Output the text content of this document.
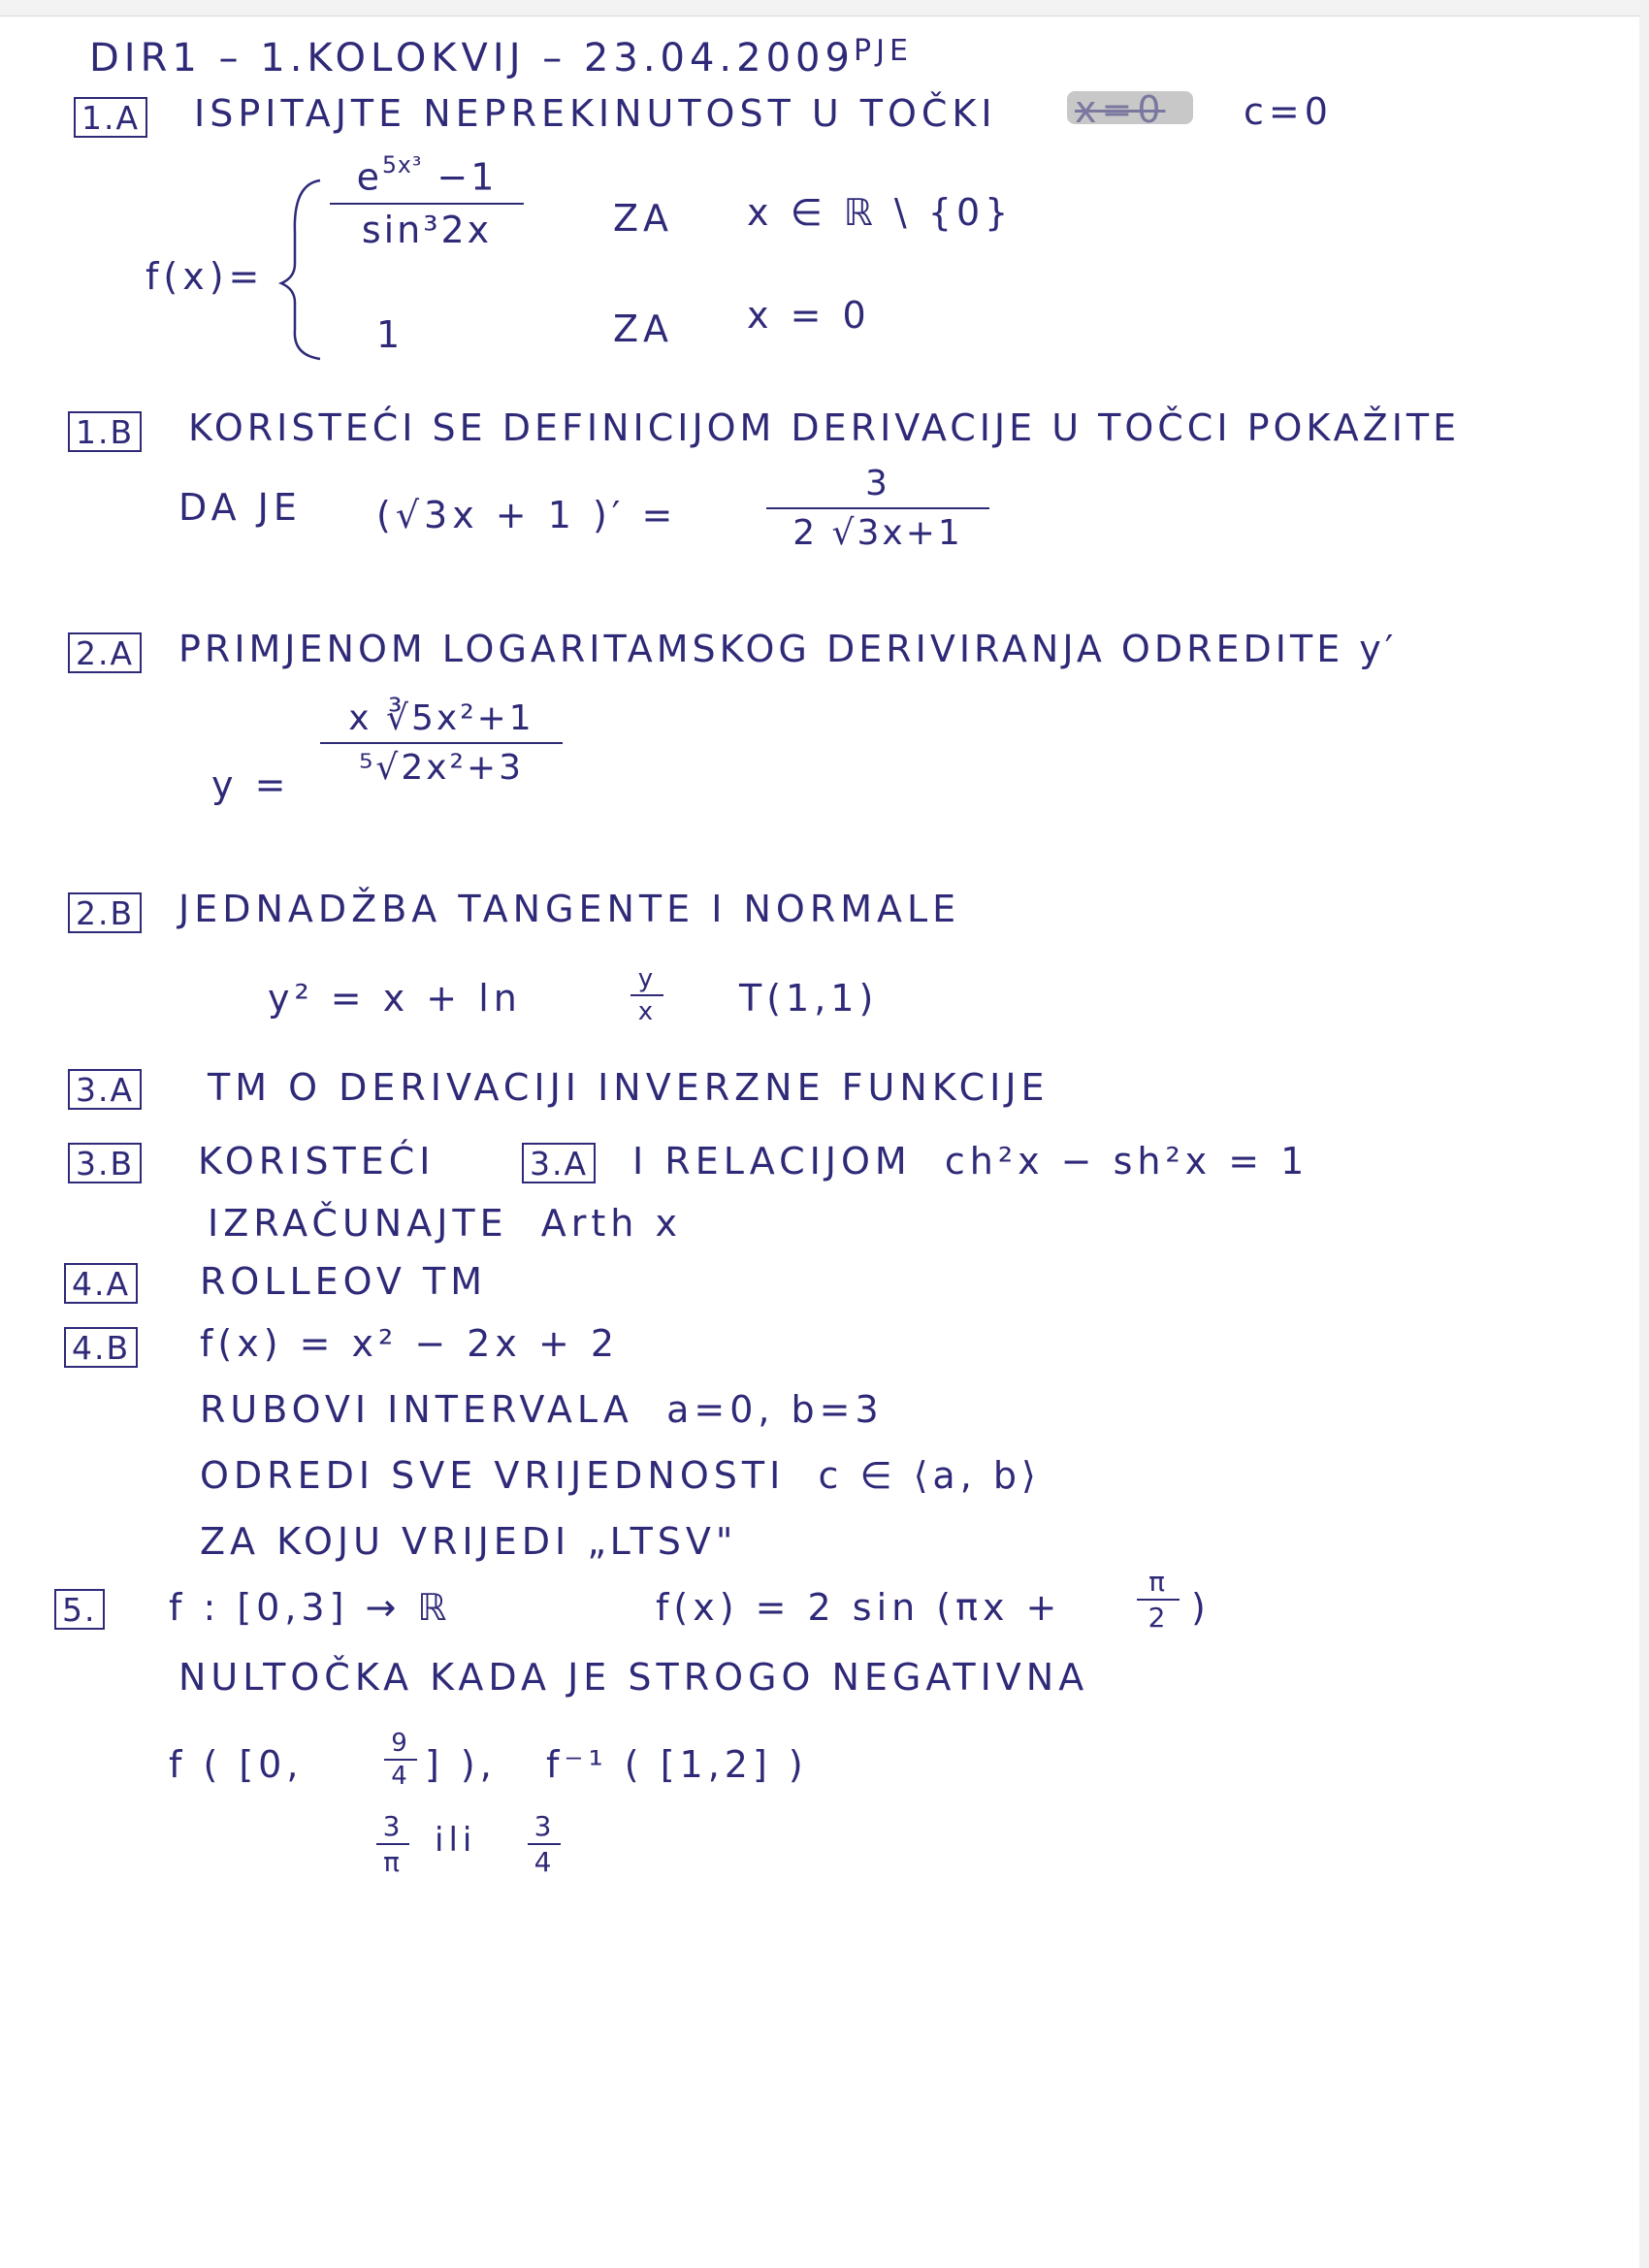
DIR1 – 1.KOLOKVIJ – 23.04.2009 PJE
1.A ISPITAJTE NEPREKINUTOST U TOČKI x=0 c=0
f(x)=
$e^{5x^3} -1$
sin³2x	ZA x ∈ ℝ \ {0}
1	ZA x = 0
1.B KORISTEĆI SE DEFINICIJOM DERIVACIJE U TOČCI POKAŽITE
DA JE (√3x + 1 )′ =
3
2 √3x+1
2.A PRIMJENOM LOGARITAMSKOG DERIVIRANJA ODREDITE y′
y =
x ∛5x²+1
⁵√2x²+3
2.B JEDNADŽBA TANGENTE I NORMALE
y² = x + ln	y
x T(1,1)
3.A TM O DERIVACIJI INVERZNE FUNKCIJE
3.B KORISTEĆI	3.A I RELACIJOM  ch²x − sh²x = 1
IZRAČUNAJTE  Arth x
4.A ROLLEOV TM
4.B f(x) = x² − 2x + 2
RUBOVI INTERVALA  a=0, b=3
ODREDI SVE VRIJEDNOSTI  c ∈ ⟨a, b⟩
ZA KOJU VRIJEDI „LTSV"
5. f : [0,3] → ℝ	f(x) = 2 sin (πx +
π
2 )
NULTOČKA KADA JE STROGO NEGATIVNA
f ( [0,	9
4 ] ),   f⁻¹ ( [1,2] )
3
π
ili 3
4
